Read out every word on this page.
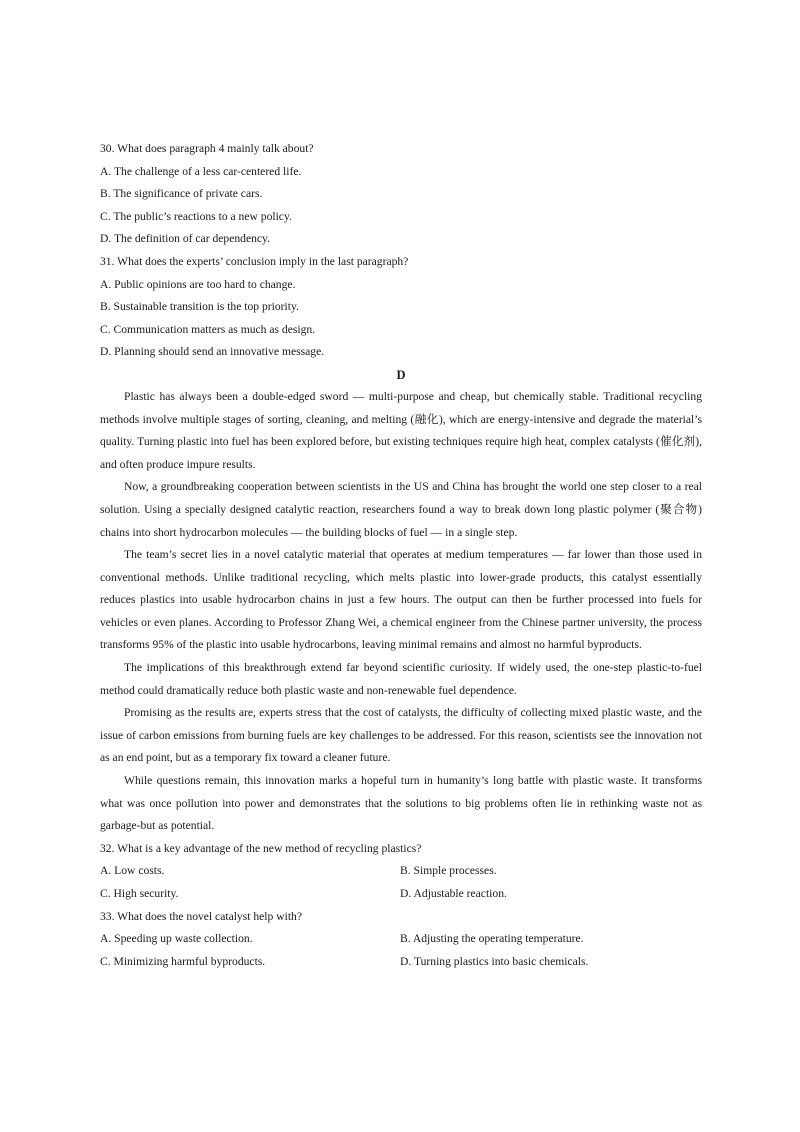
30. What does paragraph 4 mainly talk about?

A. The challenge of a less car-centered life.

B. The significance of private cars.

C. The public’s reactions to a new policy.

D. The definition of car dependency.

31. What does the experts’ conclusion imply in the last paragraph?

A. Public opinions are too hard to change.

B. Sustainable transition is the top priority.

C. Communication matters as much as design.

D. Planning should send an innovative message.

D

Plastic has always been a double-edged sword — multi-purpose and cheap, but chemically stable. Traditional recycling methods involve multiple stages of sorting, cleaning, and melting (融化), which are energy-intensive and degrade the material’s quality. Turning plastic into fuel has been explored before, but existing techniques require high heat, complex catalysts (催化剂), and often produce impure results.

Now, a groundbreaking cooperation between scientists in the US and China has brought the world one step closer to a real solution. Using a specially designed catalytic reaction, researchers found a way to break down long plastic polymer (聚合物) chains into short hydrocarbon molecules — the building blocks of fuel — in a single step.

The team’s secret lies in a novel catalytic material that operates at medium temperatures — far lower than those used in conventional methods. Unlike traditional recycling, which melts plastic into lower-grade products, this catalyst essentially reduces plastics into usable hydrocarbon chains in just a few hours. The output can then be further processed into fuels for vehicles or even planes. According to Professor Zhang Wei, a chemical engineer from the Chinese partner university, the process transforms 95% of the plastic into usable hydrocarbons, leaving minimal remains and almost no harmful byproducts.

The implications of this breakthrough extend far beyond scientific curiosity. If widely used, the one-step plastic-to-fuel method could dramatically reduce both plastic waste and non-renewable fuel dependence.

Promising as the results are, experts stress that the cost of catalysts, the difficulty of collecting mixed plastic waste, and the issue of carbon emissions from burning fuels are key challenges to be addressed. For this reason, scientists see the innovation not as an end point, but as a temporary fix toward a cleaner future.

While questions remain, this innovation marks a hopeful turn in humanity’s long battle with plastic waste. It transforms what was once pollution into power and demonstrates that the solutions to big problems often lie in rethinking waste not as garbage-but as potential.

32. What is a key advantage of the new method of recycling plastics?

A. Low costs.	B. Simple processes.

C. High security.	D. Adjustable reaction.

33. What does the novel catalyst help with?

A. Speeding up waste collection.	B. Adjusting the operating temperature.

C. Minimizing harmful byproducts.	D. Turning plastics into basic chemicals.
